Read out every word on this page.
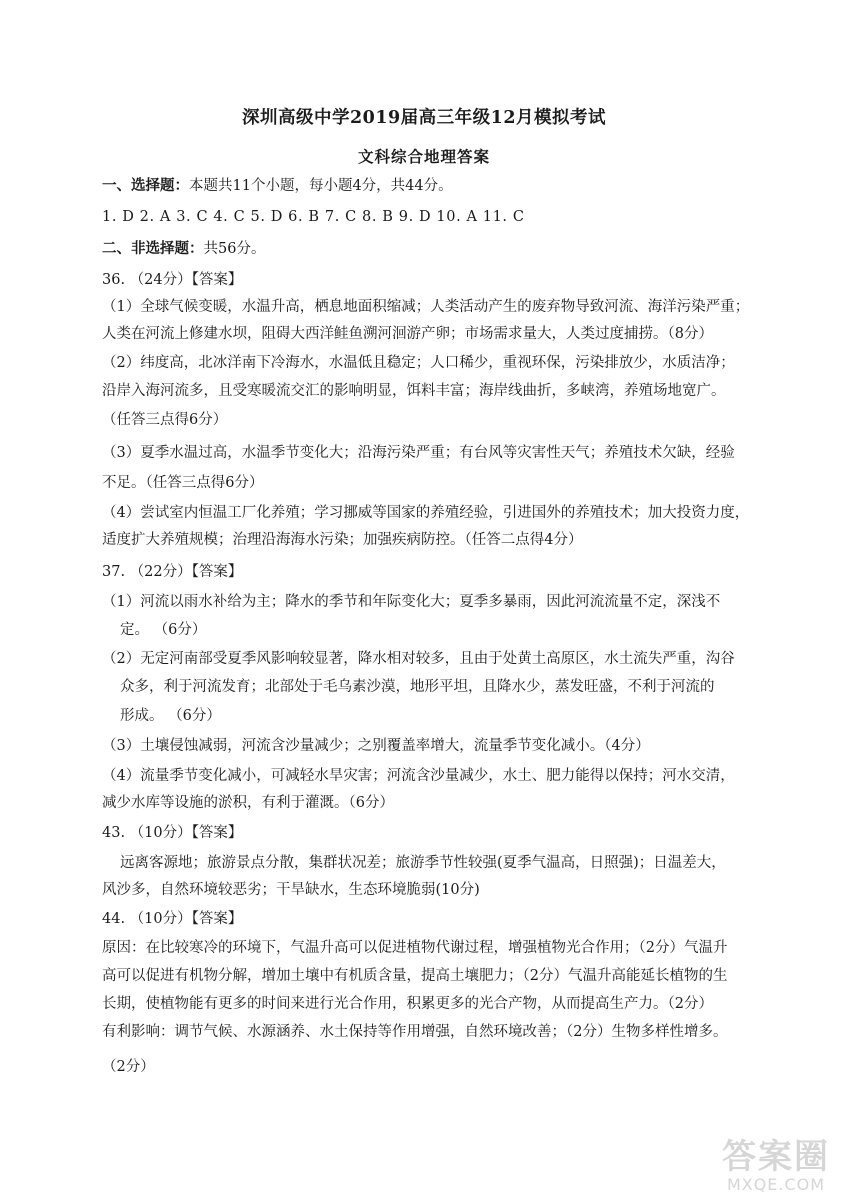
深圳高级中学2019届高三年级12月模拟考试
文科综合地理答案
一、选择题：本题共11个小题，每小题4分，共44分。
1. D 2. A 3. C 4. C 5. D 6. B 7. C 8. B 9. D 10. A 11. C
二、非选择题：共56分。
36. （24分）【答案】
（1）全球气候变暖，水温升高，栖息地面积缩减；人类活动产生的废弃物导致河流、海洋污染严重；
人类在河流上修建水坝，阻碍大西洋鲑鱼溯河洄游产卵；市场需求量大，人类过度捕捞。（8分）
（2）纬度高，北冰洋南下冷海水，水温低且稳定；人口稀少，重视环保，污染排放少，水质洁净；
沿岸入海河流多，且受寒暖流交汇的影响明显，饵料丰富；海岸线曲折，多峡湾，养殖场地宽广。
（任答三点得6分）
（3）夏季水温过高，水温季节变化大；沿海污染严重；有台风等灾害性天气；养殖技术欠缺，经验
不足。（任答三点得6分）
（4）尝试室内恒温工厂化养殖；学习挪威等国家的养殖经验，引进国外的养殖技术；加大投资力度，
适度扩大养殖规模；治理沿海海水污染；加强疾病防控。（任答二点得4分）
37. （22分）【答案】
（1）河流以雨水补给为主；降水的季节和年际变化大；夏季多暴雨，因此河流流量不定，深浅不
定。 （6分）
（2）无定河南部受夏季风影响较显著，降水相对较多，且由于处黄土高原区，水土流失严重，沟谷
众多，利于河流发育；北部处于毛乌素沙漠，地形平坦，且降水少，蒸发旺盛，不利于河流的
形成。 （6分）
（3）土壤侵蚀减弱，河流含沙量减少；之别覆盖率增大，流量季节变化减小。（4分）
（4）流量季节变化减小，可减轻水旱灾害；河流含沙量减少，水土、肥力能得以保持；河水交清，
减少水库等设施的淤积，有利于灌溉。（6分）
43. （10分）【答案】
远离客源地；旅游景点分散，集群状况差；旅游季节性较强(夏季气温高，日照强)；日温差大，
风沙多，自然环境较恶劣；干旱缺水，生态环境脆弱(10分)
44. （10分）【答案】
原因：在比较寒冷的环境下，气温升高可以促进植物代谢过程，增强植物光合作用；（2分）气温升
高可以促进有机物分解，增加土壤中有机质含量，提高土壤肥力；（2分）气温升高能延长植物的生
长期，使植物能有更多的时间来进行光合作用，积累更多的光合产物，从而提高生产力。（2分）
有利影响：调节气候、水源涵养、水土保持等作用增强，自然环境改善；（2分）生物多样性增多。
（2分）
答案圈
MXQE.COM
